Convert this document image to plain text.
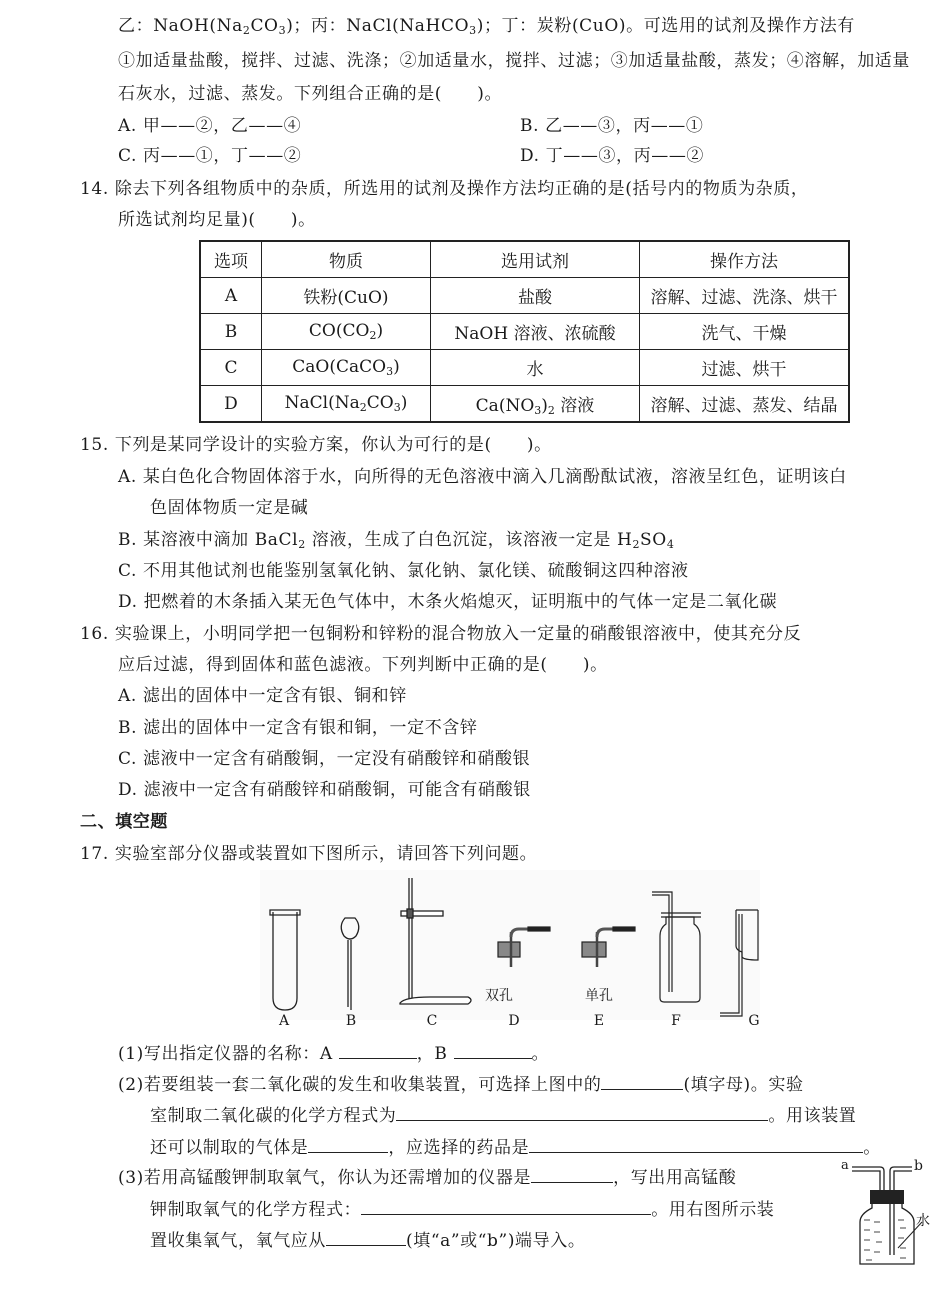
乙：$NaOH(Na_2CO_3)$；丙：NaCl(NaHCO$_3$)；丁：炭粉(CuO)。可选用的试剂及操作方法有
①加适量盐酸，搅拌、过滤、洗涤；②加适量水，搅拌、过滤；③加适量盐酸，蒸发；④溶解，加适量
石灰水，过滤、蒸发。下列组合正确的是(　　)。
A. 甲——②，乙——④	B. 乙——③，丙——①
C. 丙——①，丁——②	D. 丁——③，丙——②
14. 除去下列各组物质中的杂质，所选用的试剂及操作方法均正确的是(括号内的物质为杂质，
所选试剂均足量)(　　)。
选项	物质	选用试剂	操作方法
A	铁粉(CuO)	盐酸	溶解、过滤、洗涤、烘干
B	$CO(CO_2)$	NaOH 溶液、浓硫酸	洗气、干燥
C	CaO(CaCO$_3$)	水	过滤、烘干
D	$NaCl(Na_2CO_3)$	$Ca(NO_3)_2$ 溶液	溶解、过滤、蒸发、结晶
15. 下列是某同学设计的实验方案，你认为可行的是(　　)。
A. 某白色化合物固体溶于水，向所得的无色溶液中滴入几滴酚酞试液，溶液呈红色，证明该白
色固体物质一定是碱
B. 某溶液中滴加 BaCl$_2$ 溶液，生成了白色沉淀，该溶液一定是 $H_2SO_4$
C. 不用其他试剂也能鉴别氢氧化钠、氯化钠、氯化镁、硫酸铜这四种溶液
D. 把燃着的木条插入某无色气体中，木条火焰熄灭，证明瓶中的气体一定是二氧化碳
16. 实验课上，小明同学把一包铜粉和锌粉的混合物放入一定量的硝酸银溶液中，使其充分反
应后过滤，得到固体和蓝色滤液。下列判断中正确的是(　　)。
A. 滤出的固体中一定含有银、铜和锌
B. 滤出的固体中一定含有银和铜，一定不含锌
C. 滤液中一定含有硝酸铜，一定没有硝酸锌和硝酸银
D. 滤液中一定含有硝酸锌和硝酸铜，可能含有硝酸银
二、填空题
17. 实验室部分仪器或装置如下图所示，请回答下列问题。
双孔	单孔
A	B	C	D	E	F	G
(1)写出指定仪器的名称：A	，B	。
(2)若要组装一套二氧化碳的发生和收集装置，可选择上图中的	(填字母)。实验
室制取二氧化碳的化学方程式为	。用该装置
还可以制取的气体是	，应选择的药品是	。
(3)若用高锰酸钾制取氧气，你认为还需增加的仪器是	，写出用高锰酸
钾制取氧气的化学方程式：	。用右图所示装
置收集氧气，氧气应从	(填“a”或“b”)端导入。
a	b
水
